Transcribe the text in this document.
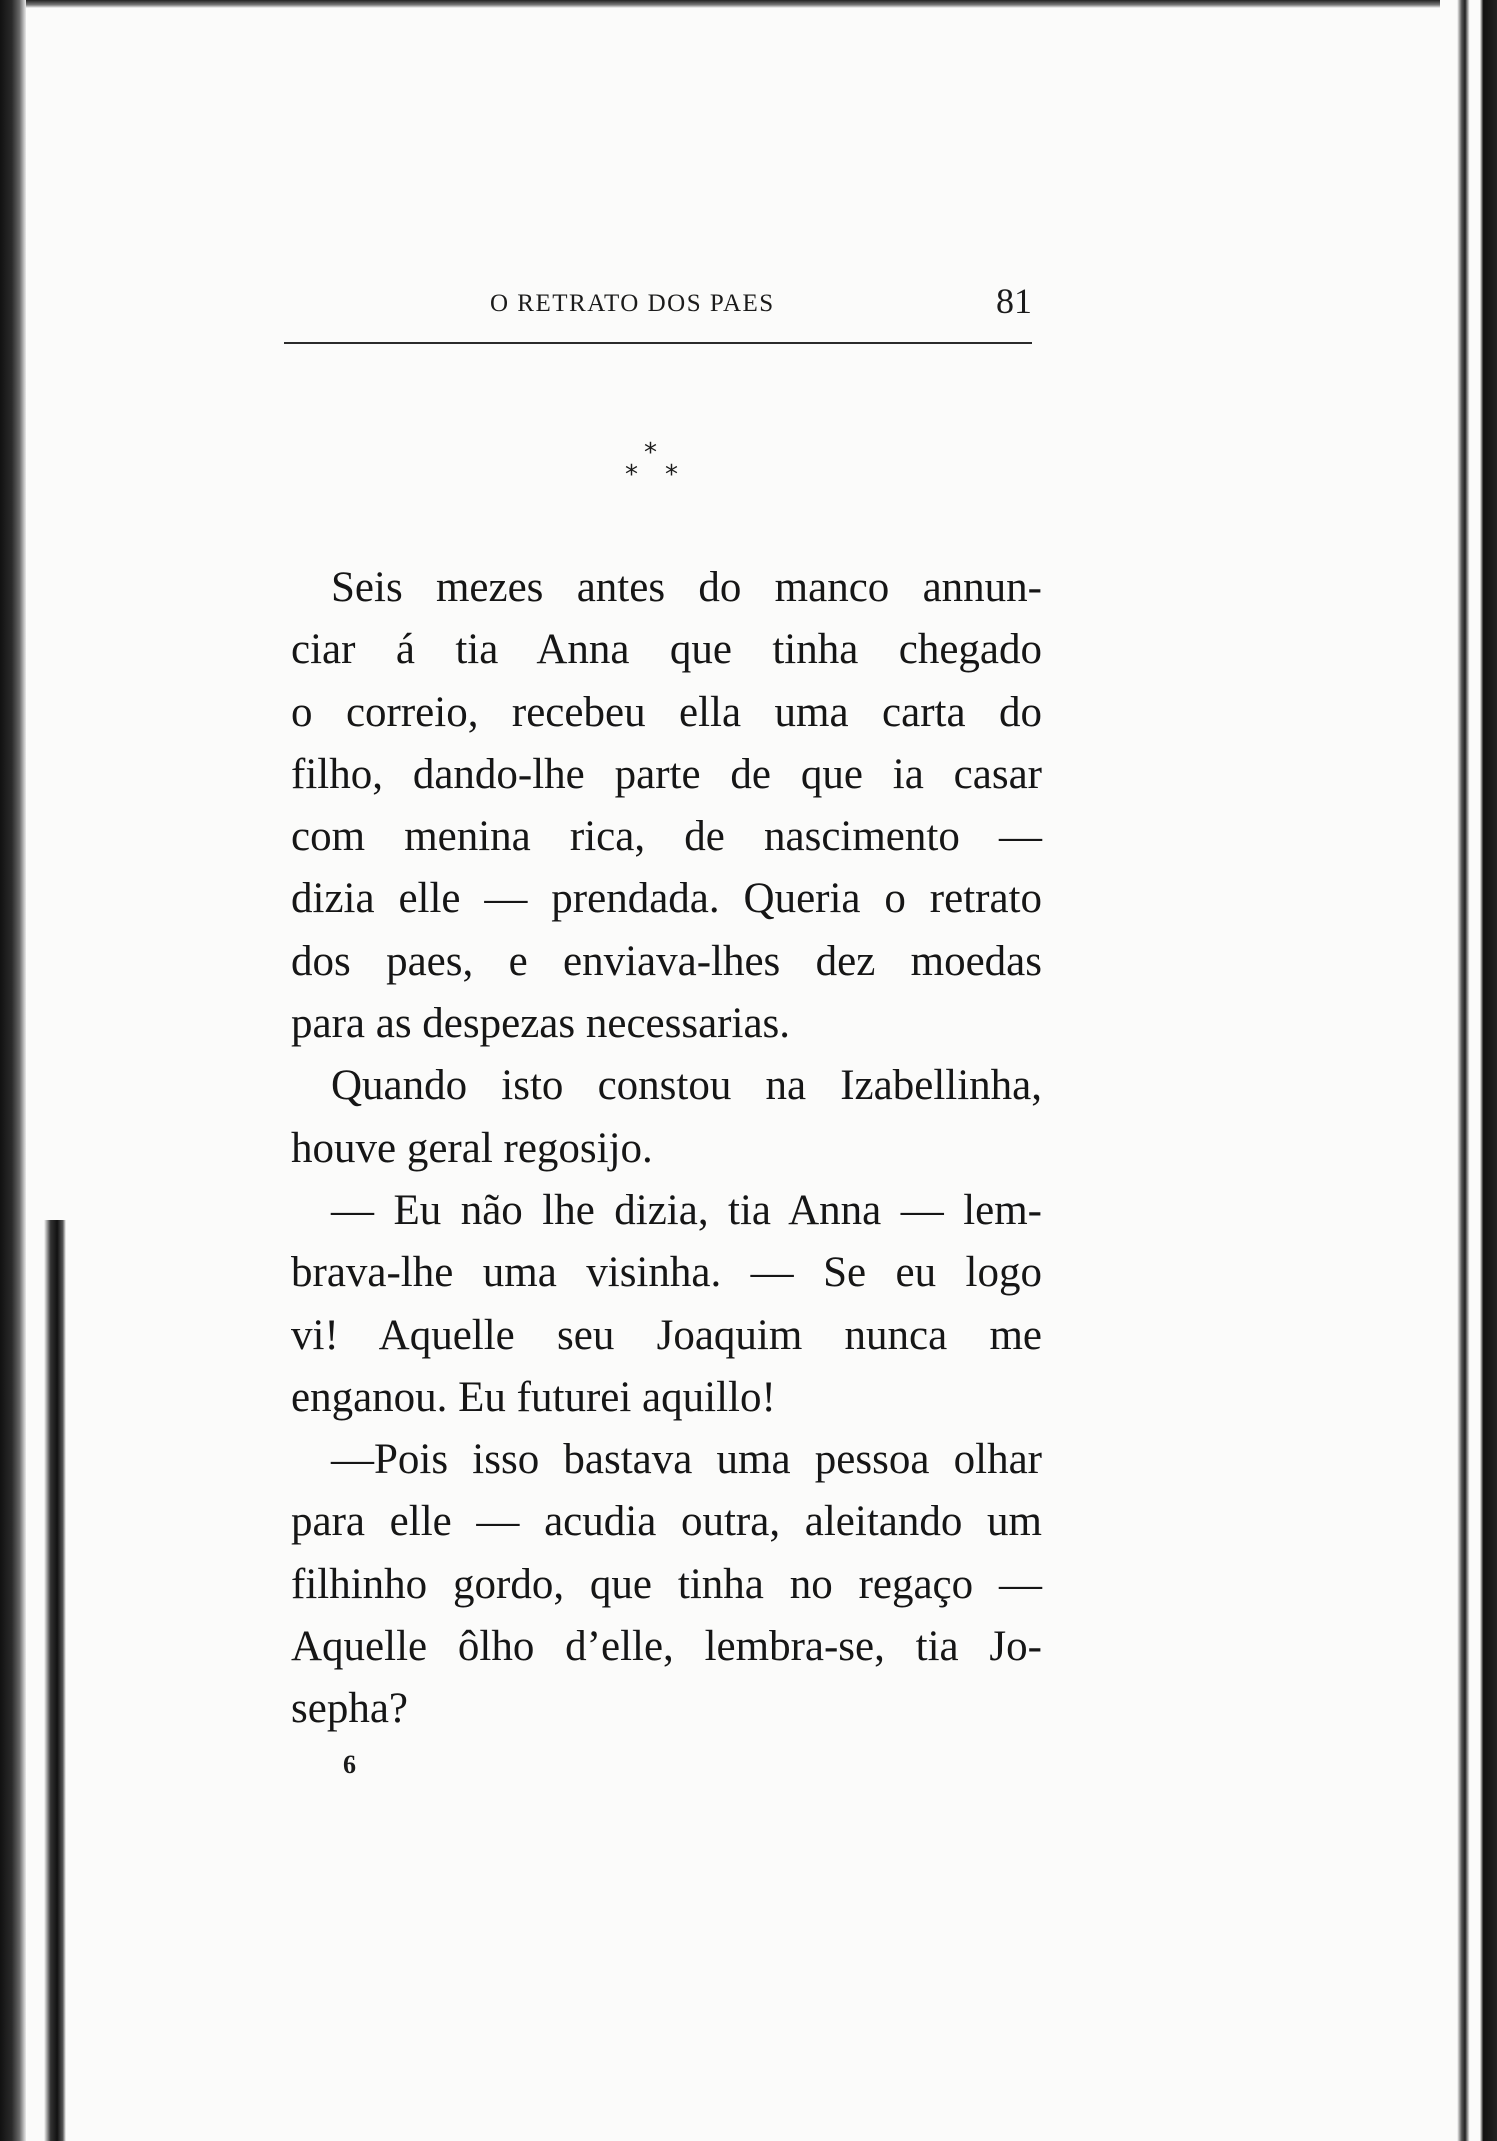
O RETRATO DOS PAES	81
*
* *
Seis mezes antes do manco annun-
ciar á tia Anna que tinha chegado
o correio, recebeu ella uma carta do
filho, dando-lhe parte de que ia casar
com menina rica, de nascimento —
dizia elle — prendada. Queria o retrato
dos paes, e enviava-lhes dez moedas
para as despezas necessarias.
Quando isto constou na Izabellinha,
houve geral regosijo.
— Eu não lhe dizia, tia Anna — lem-
brava-lhe uma visinha. — Se eu logo
vi! Aquelle seu Joaquim nunca me
enganou. Eu futurei aquillo!
—Pois isso bastava uma pessoa olhar
para elle — acudia outra, aleitando um
filhinho gordo, que tinha no regaço —
Aquelle ôlho d’elle, lembra-se, tia Jo-
sepha?
6
